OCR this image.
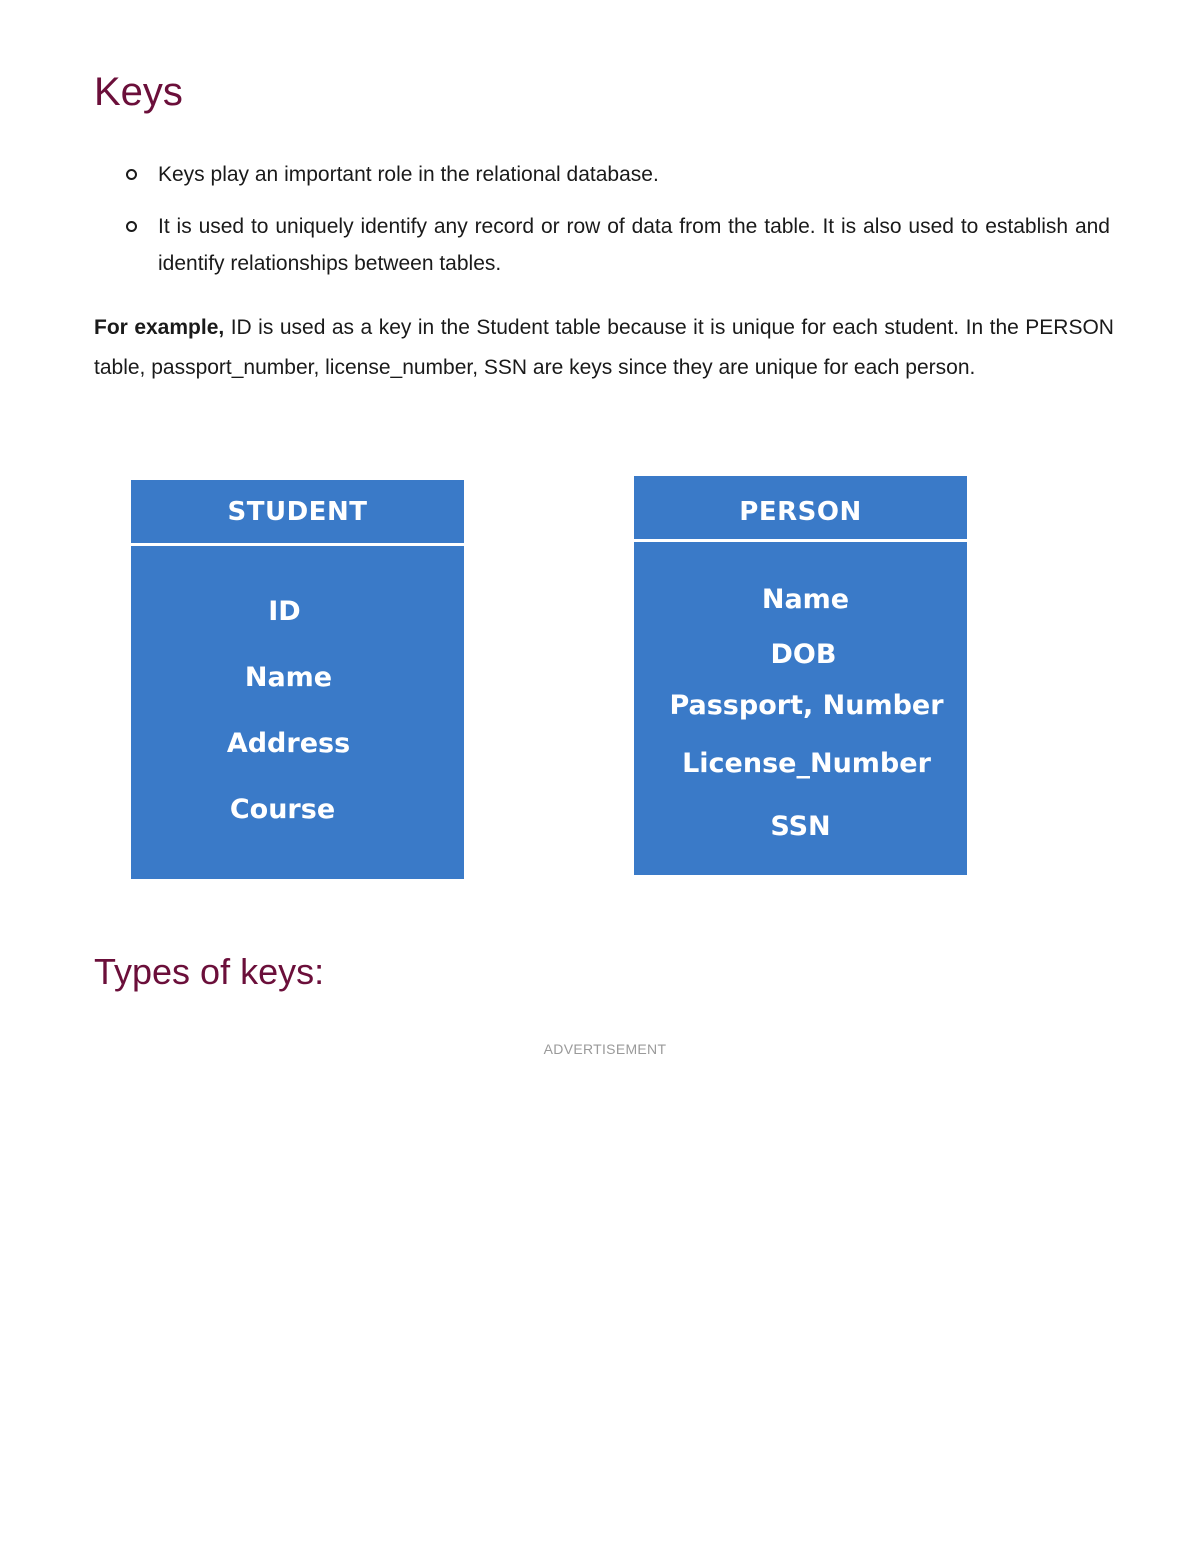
Keys
Keys play an important role in the relational database.
It is used to uniquely identify any record or row of data from the table. It is also used to establish and identify relationships between tables.

For example, ID is used as a key in the Student table because it is unique for each student. In the PERSON table, passport_number, license_number, SSN are keys since they are unique for each person.

STUDENT
ID
Name
Address
Course
PERSON
Name
DOB
Passport, Number
License_Number
SSN
Types of keys:
ADVERTISEMENT
